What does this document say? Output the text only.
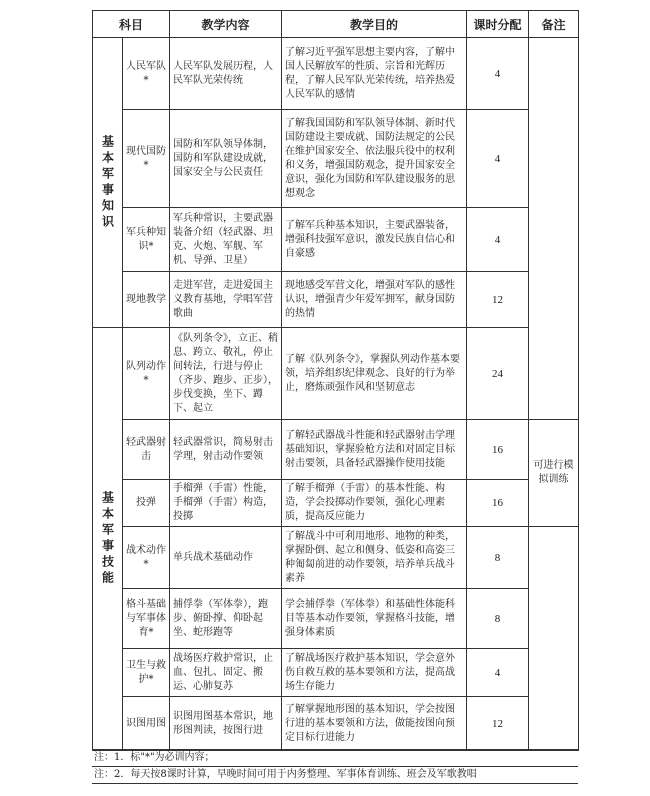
科目		教学内容	教学目的	课时分配	备注
基本军事知识	人民军队*	人民军队发展历程，人民军队光荣传统	了解习近平强军思想主要内容，了解中国人民解放军的性质、宗旨和光辉历程，了解人民军队光荣传统，培养热爱人民军队的感情	4	
	现代国防*	国防和军队领导体制，国防和军队建设成就，国家安全与公民责任	了解我国国防和军队领导体制、新时代国防建设主要成就、国防法规定的公民在维护国家安全、依法服兵役中的权利和义务，增强国防观念，提升国家安全意识，强化为国防和军队建设服务的思想观念	4	
	军兵种知识*	军兵种常识，主要武器装备介绍（轻武器、坦克、火炮、军舰、军机、导弹、卫星）	了解军兵种基本知识，主要武器装备，增强科技强军意识，激发民族自信心和自豪感	4	
	现地教学	走进军营，走进爱国主义教育基地，学唱军营歌曲	现地感受军营文化，增强对军队的感性认识，增强青少年爱军拥军，献身国防的热情	12	
基本军事技能	队列动作*	《队列条令》，立正、稍息、跨立、敬礼，停止间转法，行进与停止（齐步、跑步、正步），步伐变换，坐下、蹲下、起立	了解《队列条令》，掌握队列动作基本要领，培养组织纪律观念、良好的行为举止，磨炼顽强作风和坚韧意志	24	
	轻武器射击	轻武器常识，简易射击学理，射击动作要领	了解轻武器战斗性能和轻武器射击学理基础知识，掌握验枪方法和对固定目标射击要领，具备轻武器操作使用技能	16	可进行模拟训练
	投弹	手榴弹（手雷）性能，手榴弹（手雷）构造，投掷	了解手榴弹（手雷）的基本性能、构造，学会投掷动作要领，强化心理素质，提高反应能力	16	
	战术动作*	单兵战术基础动作	了解战斗中可利用地形、地物的种类，掌握卧倒、起立和侧身、低姿和高姿三种匍匐前进的动作要领，培养单兵战斗素养	8	
	格斗基础与军事体育*	捕俘拳（军体拳），跑步、俯卧撑、仰卧起坐、蛇形跑等	学会捕俘拳（军体拳）和基础性体能科目等基本动作要领，掌握格斗技能，增强身体素质	8	
	卫生与救护*	战场医疗救护常识，止血、包扎、固定、搬运、心肺复苏	了解战场医疗救护基本知识，学会意外伤自救互救的基本要领和方法，提高战场生存能力	4	
	识图用图	识图用图基本常识，地形图判读，按图行进	了解掌握地形图的基本知识，学会按图行进的基本要领和方法，做能按图向预定目标行进能力	12	
注：1．标"*"为必训内容；
注：2．每天按8课时计算，早晚时间可用于内务整理、军事体育训练、班会及军歌教唱
